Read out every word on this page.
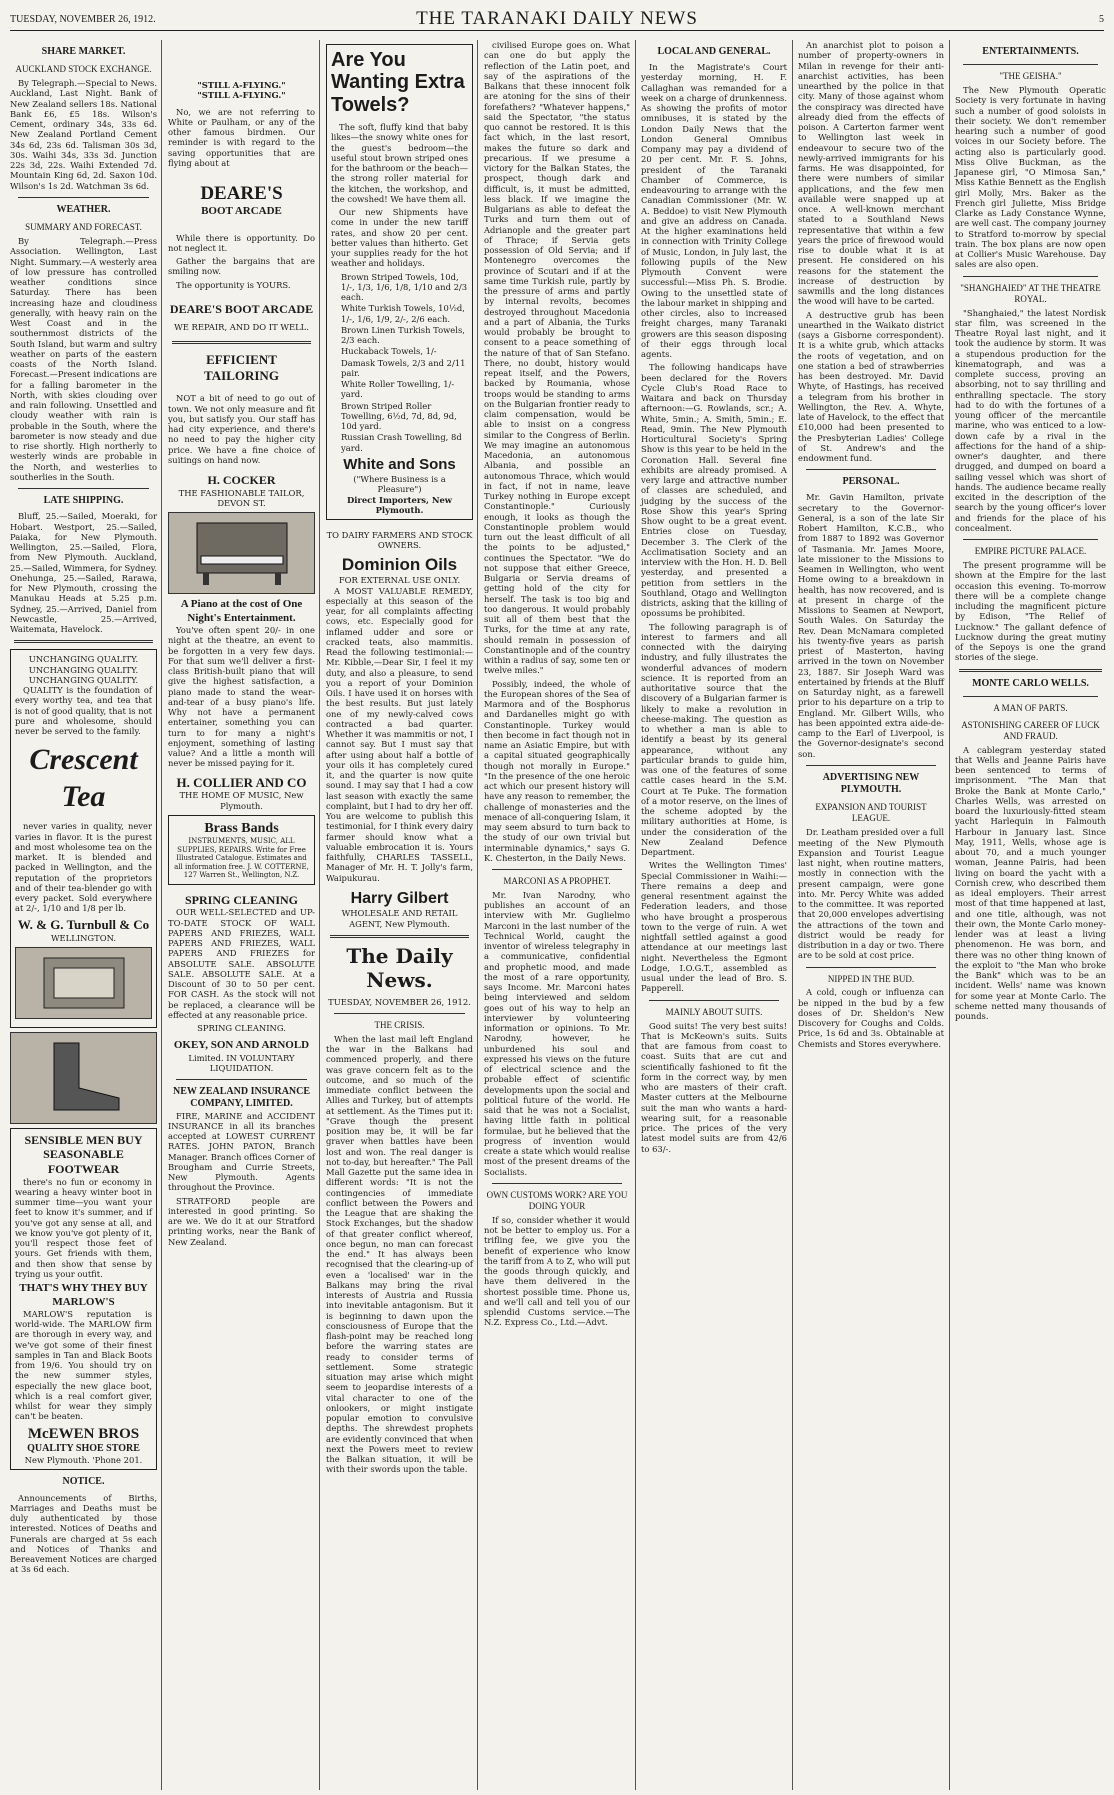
TUESDAY, NOVEMBER 26, 1912.	THE TARANAKI DAILY NEWS	5
SHARE MARKET.
AUCKLAND STOCK EXCHANGE.

By Telegraph.—Special to News. Auckland, Last Night. Bank of New Zealand sellers 18s. National Bank £6, £5 18s. Wilson's Cement, ordinary 34s, 33s 6d. New Zealand Portland Cement 34s 6d, 23s 6d. Talisman 30s 3d, 30s. Waihi 34s, 33s 3d. Junction 22s 3d, 22s. Waihi Extended 7d. Mountain King 6d, 2d. Saxon 10d. Wilson's 1s 2d. Watchman 3s 6d.

WEATHER.
SUMMARY AND FORECAST.

By Telegraph.—Press Association. Wellington, Last Night. Summary.—A westerly area of low pressure has controlled weather conditions since Saturday. There has been increasing haze and cloudiness generally, with heavy rain on the West Coast and in the southernmost districts of the South Island, but warm and sultry weather on parts of the eastern coasts of the North Island. Forecast.—Present indications are for a falling barometer in the North, with skies clouding over and rain following. Unsettled and cloudy weather with rain is probable in the South, where the barometer is now steady and due to rise shortly. High northerly to westerly winds are probable in the North, and westerlies to southerlies in the South.

LATE SHIPPING.

Bluff, 25.—Sailed, Moeraki, for Hobart. Westport, 25.—Sailed, Paiaka, for New Plymouth. Wellington, 25.—Sailed, Flora, from New Plymouth. Auckland, 25.—Sailed, Wimmera, for Sydney. Onehunga, 25.—Sailed, Rarawa, for New Plymouth, crossing the Manukau Heads at 5.25 p.m. Sydney, 25.—Arrived, Daniel from Newcastle, 25.—Arrived, Waitemata, Havelock.

UNCHANGING QUALITY.
UNCHANGING QUALITY.
UNCHANGING QUALITY.

QUALITY is the foundation of every worthy tea, and tea that is not of good quality, that is not pure and wholesome, should never be served to the family.

Crescent Tea

never varies in quality, never varies in flavor. It is the purest and most wholesome tea on the market. It is blended and packed in Wellington, and the reputation of the proprietors and of their tea-blender go with every packet. Sold everywhere at 2/-, 1/10 and 1/8 per lb.

W. & G. Turnbull & Co
WELLINGTON.
SENSIBLE MEN BUY SEASONABLE FOOTWEAR

there's no fun or economy in wearing a heavy winter boot in summer time—you want your feet to know it's summer, and if you've got any sense at all, and we know you've got plenty of it, you'll respect those feet of yours. Get friends with them, and then show that sense by trying us your outfit.

THAT'S WHY THEY BUY MARLOW'S

MARLOW'S reputation is world-wide. The MARLOW firm are thorough in every way, and we've got some of their finest samples in Tan and Black Boots from 19/6. You should try on the new summer styles, especially the new glace boot, which is a real comfort giver, whilst for wear they simply can't be beaten.

McEWEN BROS
QUALITY SHOE STORE
New Plymouth. 'Phone 201.
NOTICE.

Announcements of Births, Marriages and Deaths must be duly authenticated by those interested. Notices of Deaths and Funerals are charged at 5s each and Notices of Thanks and Bereavement Notices are charged at 3s 6d each.

"STILL A-FLYING."
"STILL A-FLYING."

No, we are not referring to White or Paulham, or any of the other famous birdmen. Our reminder is with regard to the saving opportunities that are flying about at

DEARE'S
BOOT ARCADE

While there is opportunity. Do not neglect it.

Gather the bargains that are smiling now.

The opportunity is YOURS.

DEARE'S BOOT ARCADE
WE REPAIR, AND DO IT WELL.
EFFICIENT TAILORING

NOT a bit of need to go out of town. We not only measure and fit you, but satisfy you. Our staff has had city experience, and there's no need to pay the higher city price. We have a fine choice of suitings on hand now.

H. COCKER
THE FASHIONABLE TAILOR, DEVON ST.
A Piano at the cost of One Night's Entertainment.

You've often spent 20/- in one night at the theatre, an event to be forgotten in a very few days. For that sum we'll deliver a first-class British-built piano that will give the highest satisfaction, a piano made to stand the wear-and-tear of a busy piano's life. Why not have a permanent entertainer, something you can turn to for many a night's enjoyment, something of lasting value? And a little a month will never be missed paying for it.

H. COLLIER AND CO
THE HOME OF MUSIC, New Plymouth.
Brass Bands
INSTRUMENTS, MUSIC, ALL SUPPLIES, REPAIRS. Write for Free Illustrated Catalogue. Estimates and all information free. J. W. COTTERNE, 127 Warren St., Wellington, N.Z.
SPRING CLEANING

OUR WELL-SELECTED and UP-TO-DATE STOCK OF WALL PAPERS AND FRIEZES, WALL PAPERS AND FRIEZES, WALL PAPERS AND FRIEZES for ABSOLUTE SALE. ABSOLUTE SALE. ABSOLUTE SALE. At a Discount of 30 to 50 per cent. FOR CASH. As the stock will not be replaced, a clearance will be effected at any reasonable price.

SPRING CLEANING.
OKEY, SON AND ARNOLD
Limited. IN VOLUNTARY LIQUIDATION.
NEW ZEALAND INSURANCE COMPANY, LIMITED.

FIRE, MARINE and ACCIDENT INSURANCE in all its branches accepted at LOWEST CURRENT RATES. JOHN PATON, Branch Manager. Branch offices Corner of Brougham and Currie Streets, New Plymouth. Agents throughout the Province.

STRATFORD people are interested in good printing. So are we. We do it at our Stratford printing works, near the Bank of New Zealand.

Are You Wanting Extra Towels?

The soft, fluffy kind that baby likes—the snowy white ones for the guest's bedroom—the useful stout brown striped ones for the bathroom or the beach—the strong roller material for the kitchen, the workshop, and the cowshed! We have them all.

Our new Shipments have come in under the new tariff rates, and show 20 per cent. better values than hitherto. Get your supplies ready for the hot weather and holidays.

Brown Striped Towels, 10d, 1/-, 1/3, 1/6, 1/8, 1/10 and 2/3 each.
White Turkish Towels, 10½d, 1/-, 1/6, 1/9, 2/-, 2/6 each.
Brown Linen Turkish Towels, 2/3 each.
Huckaback Towels, 1/-
Damask Towels, 2/3 and 2/11 pair.
White Roller Towelling, 1/- yard.
Brown Striped Roller Towelling, 6½d, 7d, 8d, 9d, 10d yard.
Russian Crash Towelling, 8d yard.
White and Sons
("Where Business is a Pleasure")
Direct Importers, New Plymouth.
TO DAIRY FARMERS AND STOCK OWNERS.
Dominion Oils
FOR EXTERNAL USE ONLY.

A MOST VALUABLE REMEDY, especially at this season of the year, for all complaints affecting cows, etc. Especially good for inflamed udder and sore or cracked teats, also mammitis. Read the following testimonial:—Mr. Kibble,—Dear Sir, I feel it my duty, and also a pleasure, to send you a report of your Dominion Oils. I have used it on horses with the best results. But just lately one of my newly-calved cows contracted a bad quarter. Whether it was mammitis or not, I cannot say. But I must say that after using about half a bottle of your oils it has completely cured it, and the quarter is now quite sound. I may say that I had a cow last season with exactly the same complaint, but I had to dry her off. You are welcome to publish this testimonial, for I think every dairy farmer should know what a valuable embrocation it is. Yours faithfully, CHARLES TASSELL, Manager of Mr. H. T. Jolly's farm, Waipukurau.

Harry Gilbert
WHOLESALE AND RETAIL AGENT, New Plymouth.
The Daily News.
TUESDAY, NOVEMBER 26, 1912.
THE CRISIS.

When the last mail left England the war in the Balkans had commenced properly, and there was grave concern felt as to the outcome, and so much of the immediate conflict between the Allies and Turkey, but of attempts at settlement. As the Times put it: "Grave though the present position may be, it will be far graver when battles have been lost and won. The real danger is not to-day, but hereafter." The Pall Mall Gazette put the same idea in different words: "It is not the contingencies of immediate conflict between the Powers and the League that are shaking the Stock Exchanges, but the shadow of that greater conflict whereof, once begun, no man can forecast the end." It has always been recognised that the clearing-up of even a 'localised' war in the Balkans may bring the rival interests of Austria and Russia into inevitable antagonism. But it is beginning to dawn upon the consciousness of Europe that the flash-point may be reached long before the warring states are ready to consider terms of settlement. Some strategic situation may arise which might seem to jeopardise interests of a vital character to one of the onlookers, or might instigate popular emotion to convulsive depths. The shrewdest prophets are evidently convinced that when next the Powers meet to review the Balkan situation, it will be with their swords upon the table.

civilised Europe goes on. What can one do but apply the reflection of the Latin poet, and say of the aspirations of the Balkans that these innocent folk are atoning for the sins of their forefathers? "Whatever happens," said the Spectator, "the status quo cannot be restored. It is this fact which, in the last resort, makes the future so dark and precarious. If we presume a victory for the Balkan States, the prospect, though dark and difficult, is, it must be admitted, less black. If we imagine the Bulgarians as able to defeat the Turks and turn them out of Adrianople and the greater part of Thrace; if Servia gets possession of Old Servia; and if Montenegro overcomes the province of Scutari and if at the same time Turkish rule, partly by the pressure of arms and partly by internal revolts, becomes destroyed throughout Macedonia and a part of Albania, the Turks would probably be brought to consent to a peace something of the nature of that of San Stefano. There, no doubt, history would repeat itself, and the Powers, backed by Roumania, whose troops would be standing to arms on the Bulgarian frontier ready to claim compensation, would be able to insist on a congress similar to the Congress of Berlin. We may imagine an autonomous Macedonia, an autonomous Albania, and possible an autonomous Thrace, which would in fact, if not in name, leave Turkey nothing in Europe except Constantinople." Curiously enough, it looks as though the Constantinople problem would turn out the least difficult of all the points to be adjusted," continues the Spectator. "We do not suppose that either Greece, Bulgaria or Servia dreams of getting hold of the city for herself. The task is too big and too dangerous. It would probably suit all of them best that the Turks, for the time at any rate, should remain in possession of Constantinople and of the country within a radius of say, some ten or twelve miles."

Possibly, indeed, the whole of the European shores of the Sea of Marmora and of the Bosphorus and Dardanelles might go with Constantinople. Turkey would then become in fact though not in name an Asiatic Empire, but with a capital situated geographically though not morally in Europe." "In the presence of the one heroic act which our present history will have any reason to remember, the challenge of monasteries and the menace of all-conquering Islam, it may seem absurd to turn back to the study of our own trivial but interminable dynamics," says G. K. Chesterton, in the Daily News.

MARCONI AS A PROPHET.

Mr. Ivan Narodny, who publishes an account of an interview with Mr. Guglielmo Marconi in the last number of the Technical World, caught the inventor of wireless telegraphy in a communicative, confidential and prophetic mood, and made the most of a rare opportunity, says Income. Mr. Marconi hates being interviewed and seldom goes out of his way to help an interviewer by volunteering information or opinions. To Mr. Narodny, however, he unburdened his soul and expressed his views on the future of electrical science and the probable effect of scientific developments upon the social and political future of the world. He said that he was not a Socialist, having little faith in political formulae, but he believed that the progress of invention would create a state which would realise most of the present dreams of the Socialists.

OWN CUSTOMS WORK? ARE YOU DOING YOUR

If so, consider whether it would not be better to employ us. For a trifling fee, we give you the benefit of experience who know the tariff from A to Z, who will put the goods through quickly, and have them delivered in the shortest possible time. Phone us, and we'll call and tell you of our splendid Customs service.—The N.Z. Express Co., Ltd.—Advt.

LOCAL AND GENERAL.

In the Magistrate's Court yesterday morning, H. F. Callaghan was remanded for a week on a charge of drunkenness. As showing the profits of motor omnibuses, it is stated by the London Daily News that the London General Omnibus Company may pay a dividend of 20 per cent. Mr. F. S. Johns, president of the Taranaki Chamber of Commerce, is endeavouring to arrange with the Canadian Commissioner (Mr. W. A. Beddoe) to visit New Plymouth and give an address on Canada. At the higher examinations held in connection with Trinity College of Music, London, in July last, the following pupils of the New Plymouth Convent were successful:—Miss Ph. S. Brodie. Owing to the unsettled state of the labour market in shipping and other circles, also to increased freight charges, many Taranaki growers are this season disposing of their eggs through local agents.

The following handicaps have been declared for the Rovers Cycle Club's Road Race to Waitara and back on Thursday afternoon:—G. Rowlands, scr.; A. White, 5min.; A. Smith, 5min.; E. Read, 9min. The New Plymouth Horticultural Society's Spring Show is this year to be held in the Coronation Hall. Several fine exhibits are already promised. A very large and attractive number of classes are scheduled, and judging by the success of the Rose Show this year's Spring Show ought to be a great event. Entries close on Tuesday, December 3. The Clerk of the Acclimatisation Society and an interview with the Hon. H. D. Bell yesterday, and presented a petition from settlers in the Southland, Otago and Wellington districts, asking that the killing of opossums be prohibited.

The following paragraph is of interest to farmers and all connected with the dairying industry, and fully illustrates the wonderful advances of modern science. It is reported from an authoritative source that the discovery of a Bulgarian farmer is likely to make a revolution in cheese-making. The question as to whether a man is able to identify a beast by its general appearance, without any particular brands to guide him, was one of the features of some cattle cases heard in the S.M. Court at Te Puke. The formation of a motor reserve, on the lines of the scheme adopted by the military authorities at Home, is under the consideration of the New Zealand Defence Department.

Writes the Wellington Times' Special Commissioner in Waihi:—There remains a deep and general resentment against the Federation leaders, and those who have brought a prosperous town to the verge of ruin. A wet nightfall settled against a good attendance at our meetings last night. Nevertheless the Egmont Lodge, I.O.G.T., assembled as usual under the lead of Bro. S. Papperell.

MAINLY ABOUT SUITS.

Good suits! The very best suits! That is McKeown's suits. Suits that are famous from coast to coast. Suits that are cut and scientifically fashioned to fit the form in the correct way, by men who are masters of their craft. Master cutters at the Melbourne suit the man who wants a hard-wearing suit, for a reasonable price. The prices of the very latest model suits are from 42/6 to 63/-.

An anarchist plot to poison a number of property-owners in Milan in revenge for their anti-anarchist activities, has been unearthed by the police in that city. Many of those against whom the conspiracy was directed have already died from the effects of poison. A Carterton farmer went to Wellington last week in endeavour to secure two of the newly-arrived immigrants for his farms. He was disappointed, for there were numbers of similar applications, and the few men available were snapped up at once. A well-known merchant stated to a Southland News representative that within a few years the price of firewood would rise to double what it is at present. He considered on his reasons for the statement the increase of destruction by sawmills and the long distances the wood will have to be carted.

A destructive grub has been unearthed in the Waikato district (says a Gisborne correspondent). It is a white grub, which attacks the roots of vegetation, and on one station a bed of strawberries has been destroyed. Mr. David Whyte, of Hastings, has received a telegram from his brother in Wellington, the Rev. A. Whyte, late of Havelock, to the effect that £10,000 had been presented to the Presbyterian Ladies' College of St. Andrew's and the endowment fund.

PERSONAL.

Mr. Gavin Hamilton, private secretary to the Governor-General, is a son of the late Sir Robert Hamilton, K.C.B., who from 1887 to 1892 was Governor of Tasmania. Mr. James Moore, late missioner to the Missions to Seamen in Wellington, who went Home owing to a breakdown in health, has now recovered, and is at present in charge of the Missions to Seamen at Newport, South Wales. On Saturday the Rev. Dean McNamara completed his twenty-five years as parish priest of Masterton, having arrived in the town on November 23, 1887. Sir Joseph Ward was entertained by friends at the Bluff on Saturday night, as a farewell prior to his departure on a trip to England. Mr. Gilbert Wills, who has been appointed extra aide-de-camp to the Earl of Liverpool, is the Governor-designate's second son.

ADVERTISING NEW PLYMOUTH.
EXPANSION AND TOURIST LEAGUE.

Dr. Leatham presided over a full meeting of the New Plymouth Expansion and Tourist League last night, when routine matters, mostly in connection with the present campaign, were gone into. Mr. Percy White was added to the committee. It was reported that 20,000 envelopes advertising the attractions of the town and district would be ready for distribution in a day or two. There are to be sold at cost price.

NIPPED IN THE BUD.

A cold, cough or influenza can be nipped in the bud by a few doses of Dr. Sheldon's New Discovery for Coughs and Colds. Price, 1s 6d and 3s. Obtainable at Chemists and Stores everywhere.

ENTERTAINMENTS.
"THE GEISHA."

The New Plymouth Operatic Society is very fortunate in having such a number of good soloists in their society. We don't remember hearing such a number of good voices in our Society before. The acting also is particularly good. Miss Olive Buckman, as the Japanese girl, "O Mimosa San," Miss Kathie Bennett as the English girl Molly, Mrs. Baker as the French girl Juliette, Miss Bridge Clarke as Lady Constance Wynne, are well cast. The company journey to Stratford to-morrow by special train. The box plans are now open at Collier's Music Warehouse. Day sales are also open.

"SHANGHAIED" AT THE THEATRE ROYAL.

"Shanghaied," the latest Nordisk star film, was screened in the Theatre Royal last night, and it took the audience by storm. It was a stupendous production for the kinematograph, and was a complete success, proving an absorbing, not to say thrilling and enthralling spectacle. The story had to do with the fortunes of a young officer of the mercantile marine, who was enticed to a low-down cafe by a rival in the affections for the hand of a ship-owner's daughter, and there drugged, and dumped on board a sailing vessel which was short of hands. The audience became really excited in the description of the search by the young officer's lover and friends for the place of his concealment.

EMPIRE PICTURE PALACE.

The present programme will be shown at the Empire for the last occasion this evening. To-morrow there will be a complete change including the magnificent picture by Edison, "The Relief of Lucknow." The gallant defence of Lucknow during the great mutiny of the Sepoys is one the grand stories of the siege.

MONTE CARLO WELLS.
A MAN OF PARTS.
ASTONISHING CAREER OF LUCK AND FRAUD.

A cablegram yesterday stated that Wells and Jeanne Pairis have been sentenced to terms of imprisonment. "The Man that Broke the Bank at Monte Carlo," Charles Wells, was arrested on board the luxuriously-fitted steam yacht Harlequin in Falmouth Harbour in January last. Since May, 1911, Wells, whose age is about 70, and a much younger woman, Jeanne Pairis, had been living on board the yacht with a Cornish crew, who described them as ideal employers. Their arrest most of that time happened at last, and one title, although, was not their own, the Monte Carlo money-lender was at least a living phenomenon. He was born, and there was no other thing known of the exploit to "the Man who broke the Bank" which was to be an incident. Wells' name was known for some year at Monte Carlo. The scheme netted many thousands of pounds.
